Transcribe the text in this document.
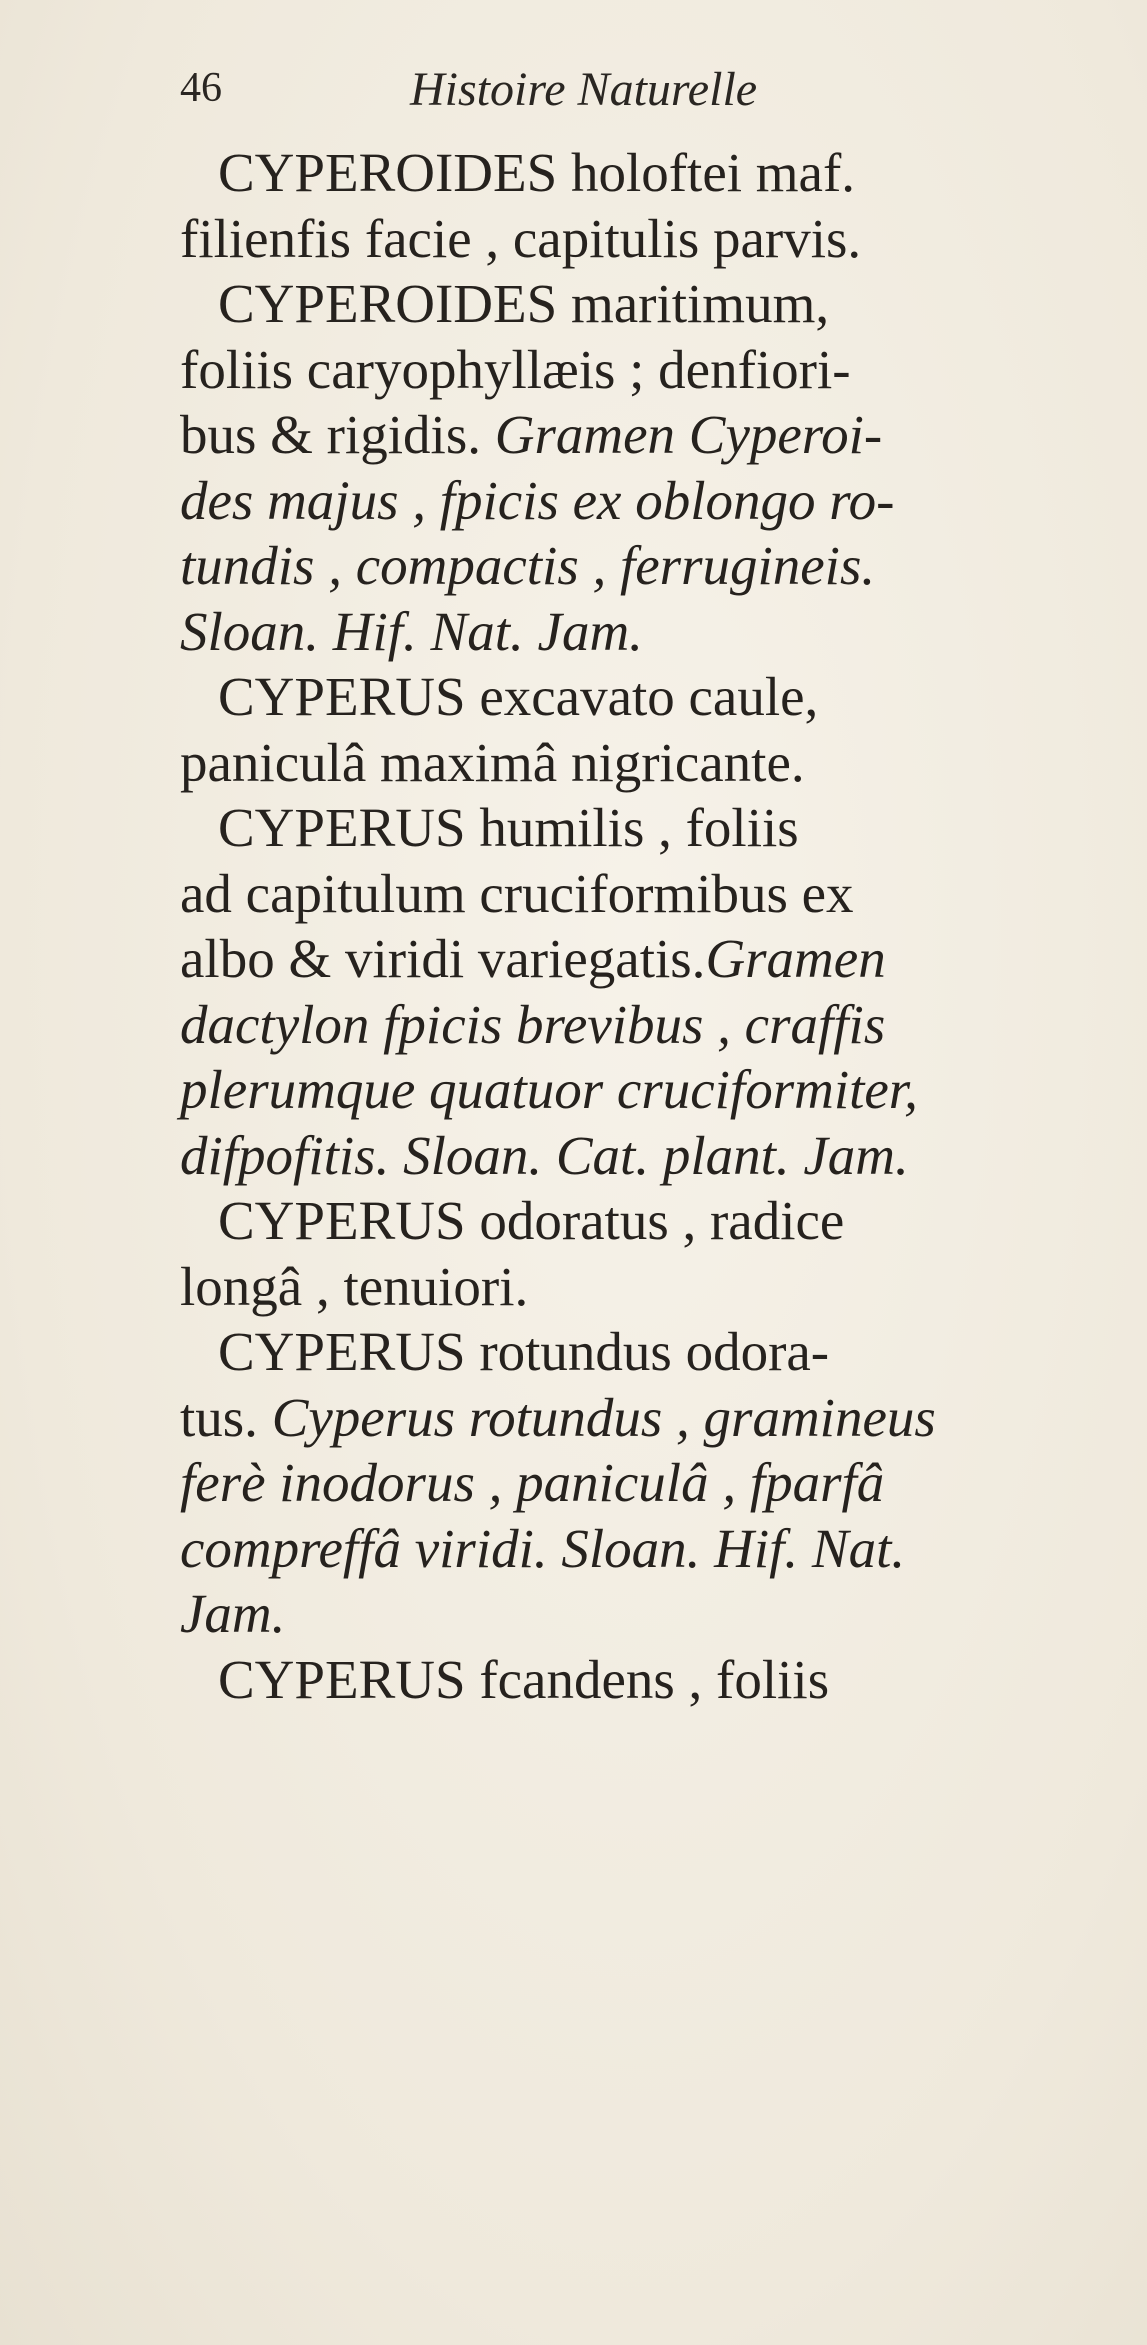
46	Histoire Naturelle
CYPEROIDES holoftei maf.
filienfis facie , capitulis parvis.
CYPEROIDES maritimum,
foliis caryophyllæis ; denfiori-
bus & rigidis. Gramen Cyperoi-
des majus , fpicis ex oblongo ro-
tundis , compactis , ferrugineis.
Sloan. Hif. Nat. Jam.
CYPERUS excavato caule,
paniculâ maximâ nigricante.
CYPERUS humilis , foliis
ad capitulum cruciformibus ex
albo & viridi variegatis.Gramen
dactylon fpicis brevibus , craffis
plerumque quatuor cruciformiter,
difpofitis. Sloan. Cat. plant. Jam.
CYPERUS odoratus , radice
longâ , tenuiori.
CYPERUS rotundus odora-
tus. Cyperus rotundus , gramineus
ferè inodorus , paniculâ , fparfâ
compreffâ viridi. Sloan. Hif. Nat.
Jam.
CYPERUS fcandens , foliis
